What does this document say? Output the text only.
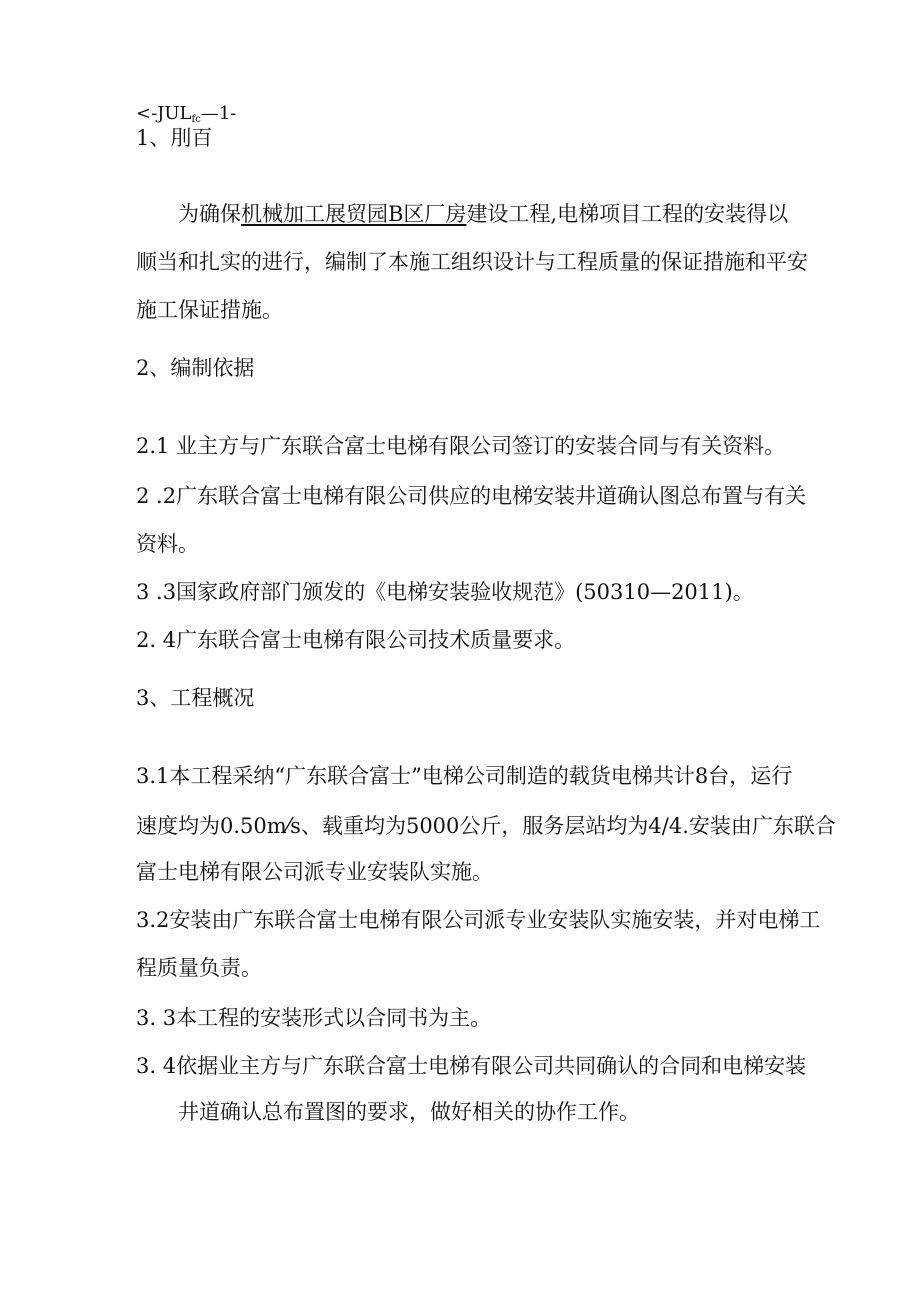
$<-JUL_{fc}—1-$
1、刖百
为确保机械加工展贸园B区厂房建设工程,电梯项目工程的安装得以
顺当和扎实的进行，编制了本施工组织设计与工程质量的保证措施和平安
施工保证措施。
2、编制依据
2.1 业主方与广东联合富士电梯有限公司签订的安装合同与有关资料。
2 .2广东联合富士电梯有限公司供应的电梯安装井道确认图总布置与有关
资料。
3 .3国家政府部门颁发的《电梯安装验收规范》(50310—2011)。
2. 4广东联合富士电梯有限公司技术质量要求。
3、工程概况
3.1本工程采纳“广东联合富士”电梯公司制造的载货电梯共计8台，运行
速度均为0.50m⁄s、载重均为5000公斤，服务层站均为4/4.安装由广东联合
富士电梯有限公司派专业安装队实施。
3.2安装由广东联合富士电梯有限公司派专业安装队实施安装，并对电梯工
程质量负责。
3. 3本工程的安装形式以合同书为主。
3. 4依据业主方与广东联合富士电梯有限公司共同确认的合同和电梯安装
井道确认总布置图的要求，做好相关的协作工作。
